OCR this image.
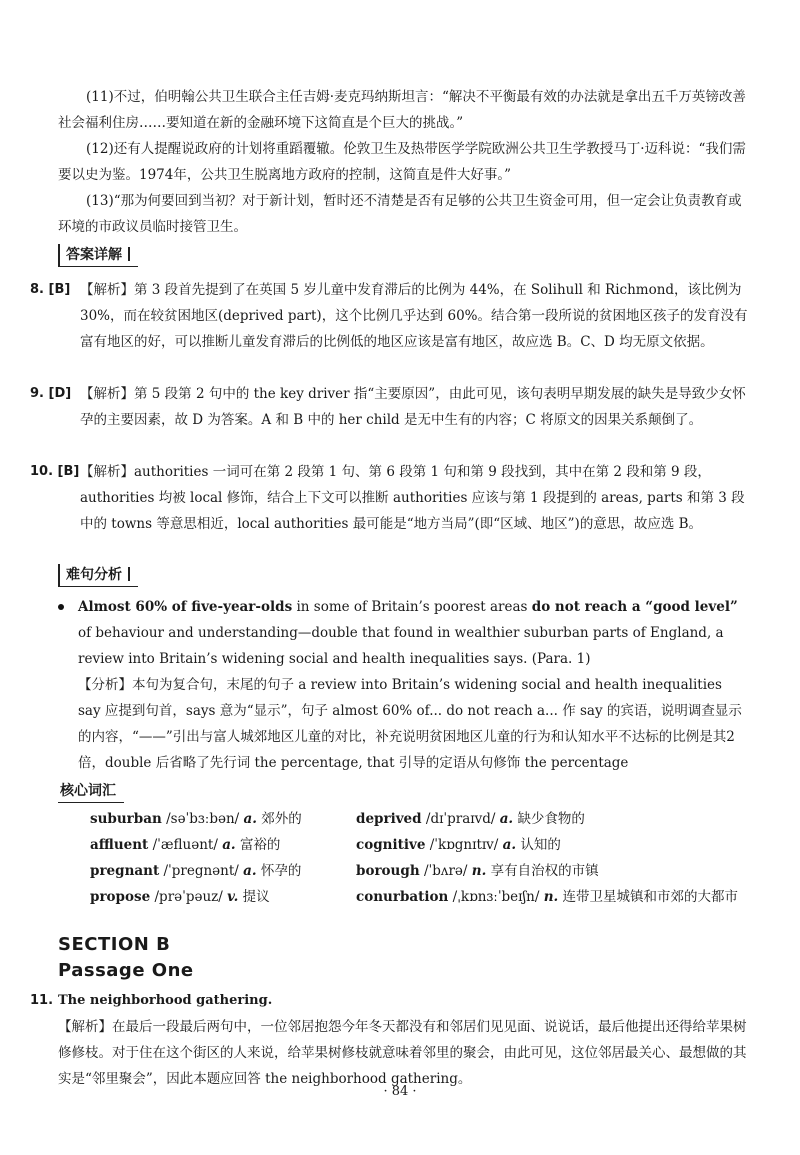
(11)不过，伯明翰公共卫生联合主任吉姆·麦克玛纳斯坦言：“解决不平衡最有效的办法就是拿出五千万英镑改善社会福利住房……要知道在新的金融环境下这简直是个巨大的挑战。”

(12)还有人提醒说政府的计划将重蹈覆辙。伦敦卫生及热带医学学院欧洲公共卫生学教授马丁·迈科说：“我们需要以史为鉴。1974年，公共卫生脱离地方政府的控制，这简直是件大好事。”

(13)“那为何要回到当初？对于新计划，暂时还不清楚是否有足够的公共卫生资金可用，但一定会让负责教育或环境的市政议员临时接管卫生。

答案详解
8. [B] 【解析】第 3 段首先提到了在英国 5 岁儿童中发育滞后的比例为 44%，在 Solihull 和 Richmond，该比例为 30%，而在较贫困地区(deprived part)，这个比例几乎达到 60%。结合第一段所说的贫困地区孩子的发育没有富有地区的好，可以推断儿童发育滞后的比例低的地区应该是富有地区，故应选 B。C、D 均无原文依据。
9. [D] 【解析】第 5 段第 2 句中的 the key driver 指“主要原因”，由此可见，该句表明早期发展的缺失是导致少女怀孕的主要因素，故 D 为答案。A 和 B 中的 her child 是无中生有的内容；C 将原文的因果关系颠倒了。
10. [B] 【解析】authorities 一词可在第 2 段第 1 句、第 6 段第 1 句和第 9 段找到，其中在第 2 段和第 9 段，authorities 均被 local 修饰，结合上下文可以推断 authorities 应该与第 1 段提到的 areas, parts 和第 3 段中的 towns 等意思相近，local authorities 最可能是“地方当局”(即“区域、地区”)的意思，故应选 B。
难句分析
Almost 60% of five-year-olds in some of Britain’s poorest areas do not reach a “good level” of behaviour and understanding—double that found in wealthier suburban parts of England, a review into Britain’s widening social and health inequalities says. (Para. 1)
【分析】本句为复合句，末尾的句子 a review into Britain’s widening social and health inequalities say 应提到句首，says 意为“显示”，句子 almost 60% of... do not reach a... 作 say 的宾语，说明调查显示的内容，“——”引出与富人城郊地区儿童的对比，补充说明贫困地区儿童的行为和认知水平不达标的比例是其2 倍，double 后省略了先行词 the percentage, that 引导的定语从句修饰 the percentage
核心词汇
suburban /səˈbɜːbən/ a. 郊外的
affluent /ˈæfluənt/ a. 富裕的
pregnant /ˈpregnənt/ a. 怀孕的
propose /prəˈpəuz/ v. 提议
deprived /dɪˈpraɪvd/ a. 缺少食物的
cognitive /ˈkɒgnɪtɪv/ a. 认知的
borough /ˈbʌrə/ n. 享有自治权的市镇
conurbation /ˌkɒnɜːˈbeɪʃn/ n. 连带卫星城镇和市郊的大都市
SECTION B
Passage One
11. The neighborhood gathering.
【解析】在最后一段最后两句中，一位邻居抱怨今年冬天都没有和邻居们见见面、说说话，最后他提出还得给苹果树修修枝。对于住在这个街区的人来说，给苹果树修枝就意味着邻里的聚会，由此可见，这位邻居最关心、最想做的其实是“邻里聚会”，因此本题应回答 the neighborhood gathering。
· 84 ·
